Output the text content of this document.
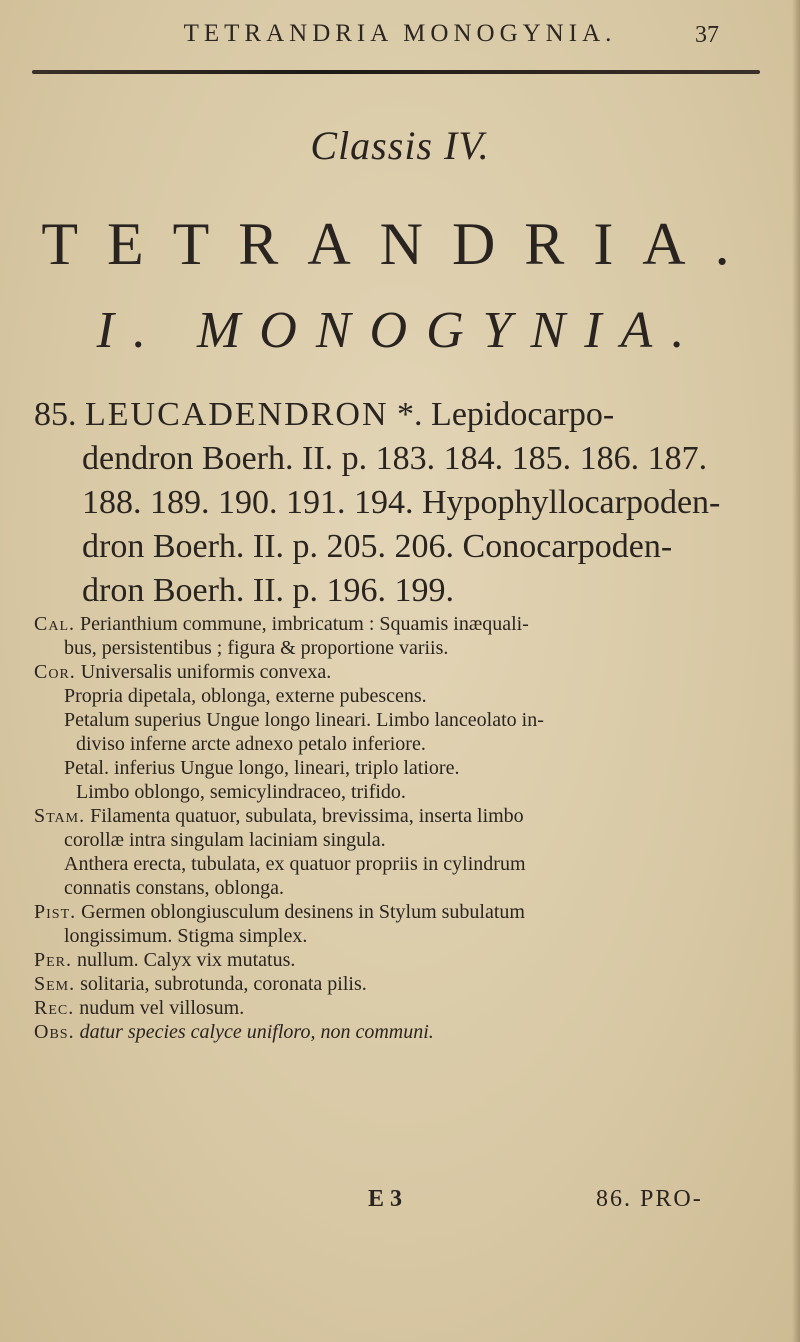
TETRANDRIA MONOGYNIA.	37
Classis IV.
TETRANDRIA.
I. MONOGYNIA.
85. LEUCADENDRON *. Lepidocarpo-
dendron Boerh. II. p. 183. 184. 185. 186. 187.
188. 189. 190. 191. 194. Hypophyllocarpoden-
dron Boerh. II. p. 205. 206. Conocarpoden-
dron Boerh. II. p. 196. 199.
Cal. Perianthium commune, imbricatum : Squamis inæquali-
bus, persistentibus ; figura & proportione variis.
Cor. Universalis uniformis convexa.
Propria dipetala, oblonga, externe pubescens.
Petalum superius Ungue longo lineari. Limbo lanceolato in-
diviso inferne arcte adnexo petalo inferiore.
Petal. inferius Ungue longo, lineari, triplo latiore.
Limbo oblongo, semicylindraceo, trifido.
Stam. Filamenta quatuor, subulata, brevissima, inserta limbo
corollæ intra singulam laciniam singula.
Anthera erecta, tubulata, ex quatuor propriis in cylindrum
connatis constans, oblonga.
Pist. Germen oblongiusculum desinens in Stylum subulatum
longissimum. Stigma simplex.
Per. nullum. Calyx vix mutatus.
Sem. solitaria, subrotunda, coronata pilis.
Rec. nudum vel villosum.
Obs. datur species calyce unifloro, non communi.
E 3	86. PRO-
